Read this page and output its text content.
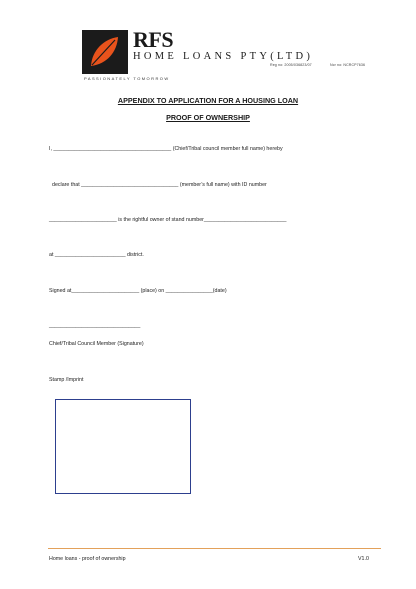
RFS
HOME LOANS PTY(LTD)
Reg no: 2005/036823/07	Ncr no: NCRCP7636
PASSIONATELY TOMORROW
APPENDIX TO APPLICATION FOR A HOUSING LOAN
PROOF OF OWNERSHIP
I, ________________________________________ (Chief/Tribal council member full name) hereby
declare that _________________________________ (member’s full name) with ID number
_______________________ is the rightful owner of stand number____________________________
at ________________________ district.
Signed at_______________________ (place) on ________________(date)
_______________________________
Chief/Tribal Council Member (Signature)
Stamp /Imprint
Home loans - proof of ownership	V1.0
